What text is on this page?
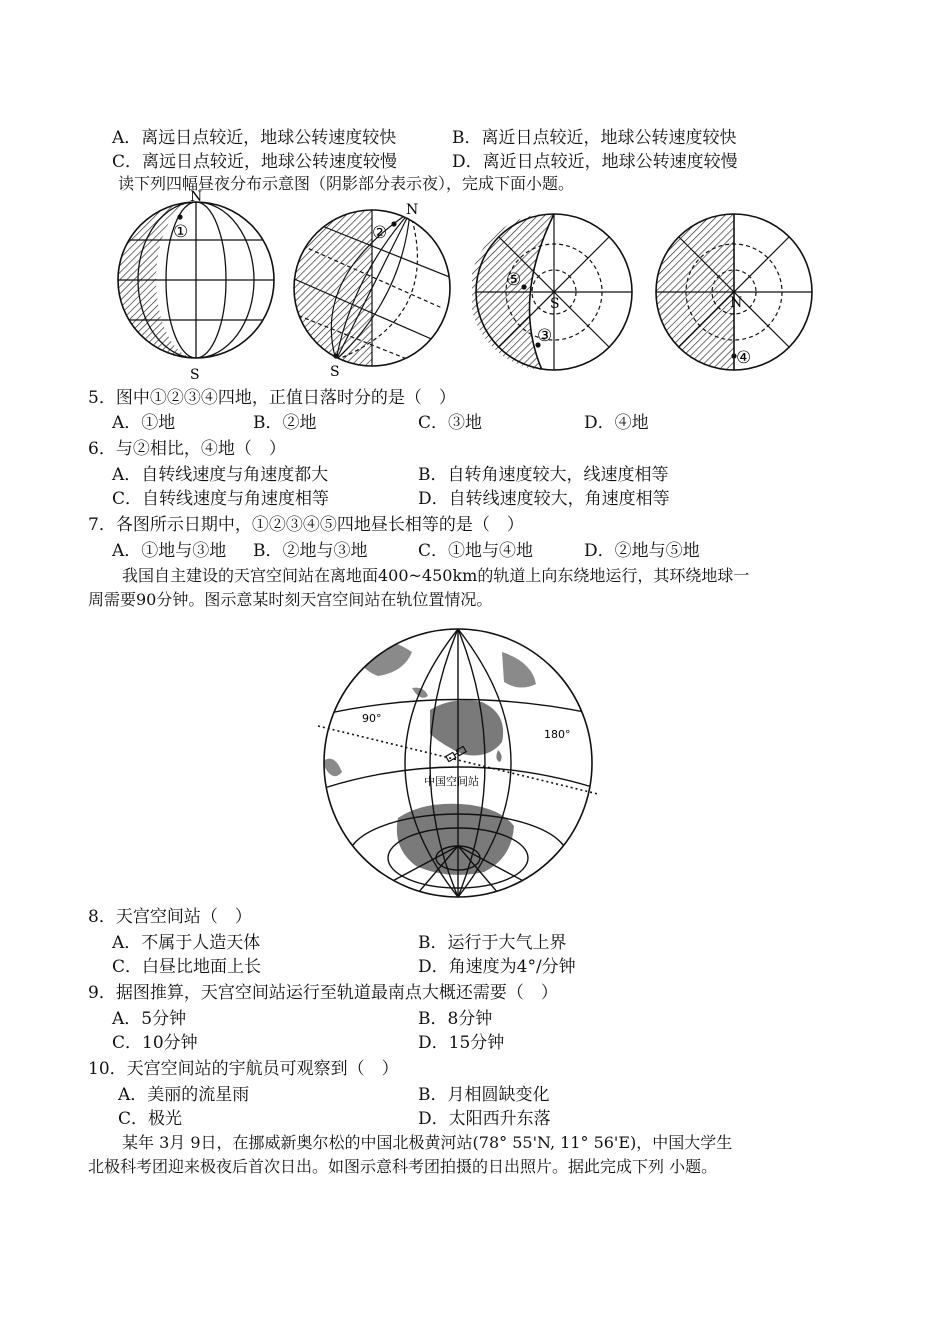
A．离远日点较近，地球公转速度较快	B．离近日点较近，地球公转速度较快
C．离远日点较近，地球公转速度较慢	D．离近日点较近，地球公转速度较慢
读下列四幅昼夜分布示意图（阴影部分表示夜），完成下面小题。
N
S
①
N
S
②
S
③
⑤
N
④
5．图中①②③④四地，正值日落时分的是（　）
A．①地	B．②地	C．③地	D．④地
6．与②相比，④地（　）
A．自转线速度与角速度都大	B．自转角速度较大，线速度相等
C．自转线速度与角速度相等	D．自转线速度较大，角速度相等
7．各图所示日期中，①②③④⑤四地昼长相等的是（　）
A．①地与③地 B．②地与③地	C．①地与④地	D．②地与⑤地
我国自主建设的天宫空间站在离地面400~450km的轨道上向东绕地运行，其环绕地球一
周需要90分钟。图示意某时刻天宫空间站在轨位置情况。
90°
180°
中国空间站
8．天宫空间站（　）
A．不属于人造天体	B．运行于大气上界
C．白昼比地面上长	D．角速度为4°/分钟
9．据图推算，天宫空间站运行至轨道最南点大概还需要（　）
A．5分钟	B．8分钟
C．10分钟	D．15分钟
10．天宫空间站的宇航员可观察到（　）
A．美丽的流星雨	B．月相圆缺变化
C．极光	D．太阳西升东落
某年 3月 9日，在挪威新奥尔松的中国北极黄河站(78° 55'N, 11° 56'E)，中国大学生
北极科考团迎来极夜后首次日出。如图示意科考团拍摄的日出照片。据此完成下列 小题。
